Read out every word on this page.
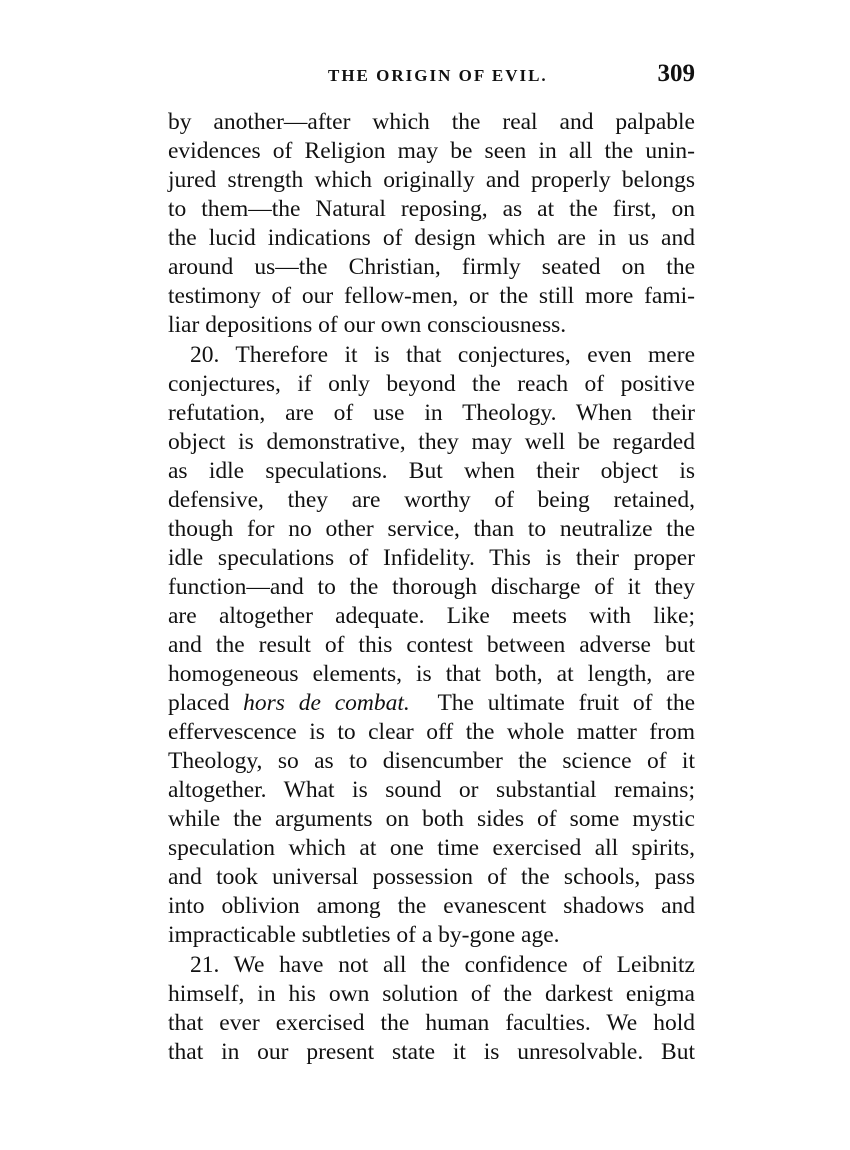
THE ORIGIN OF EVIL.	309
by another—after which the real and palpable
evidences of Religion may be seen in all the unin-
jured strength which originally and properly belongs
to them—the Natural reposing, as at the first, on
the lucid indications of design which are in us and
around us—the Christian, firmly seated on the
testimony of our fellow-men, or the still more fami-
liar depositions of our own consciousness.
20. Therefore it is that conjectures, even mere
conjectures, if only beyond the reach of positive
refutation, are of use in Theology. When their
object is demonstrative, they may well be regarded
as idle speculations. But when their object is
defensive, they are worthy of being retained,
though for no other service, than to neutralize the
idle speculations of Infidelity. This is their proper
function—and to the thorough discharge of it they
are altogether adequate. Like meets with like;
and the result of this contest between adverse but
homogeneous elements, is that both, at length, are
placed hors de combat. The ultimate fruit of the
effervescence is to clear off the whole matter from
Theology, so as to disencumber the science of it
altogether. What is sound or substantial remains;
while the arguments on both sides of some mystic
speculation which at one time exercised all spirits,
and took universal possession of the schools, pass
into oblivion among the evanescent shadows and
impracticable subtleties of a by-gone age.
21. We have not all the confidence of Leibnitz
himself, in his own solution of the darkest enigma
that ever exercised the human faculties. We hold
that in our present state it is unresolvable. But
